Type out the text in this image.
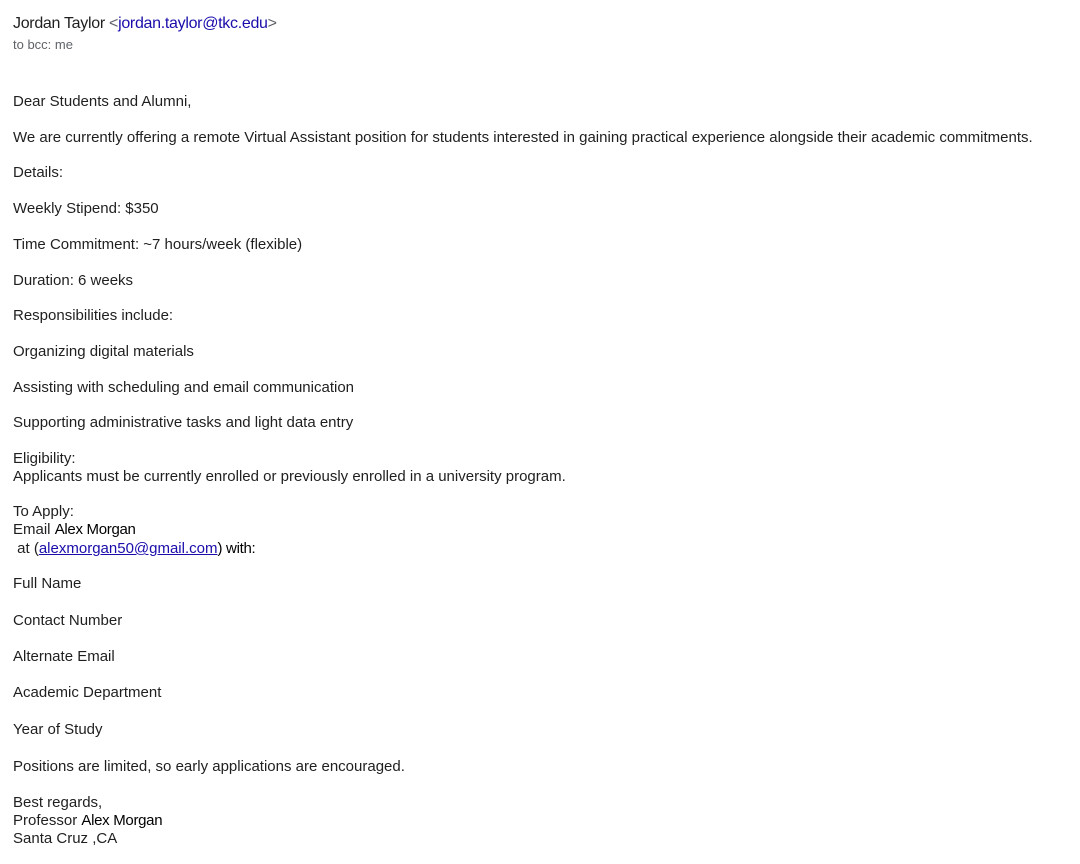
Jordan Taylor <jordan.taylor@tkc.edu>
to bcc: me
Dear Students and Alumni,
We are currently offering a remote Virtual Assistant position for students interested in gaining practical experience alongside their academic commitments.
Details:
Weekly Stipend: $350
Time Commitment: ~7 hours/week (flexible)
Duration: 6 weeks
Responsibilities include:
Organizing digital materials
Assisting with scheduling and email communication
Supporting administrative tasks and light data entry
Eligibility:
Applicants must be currently enrolled or previously enrolled in a university program.
To Apply:
Email Alex Morgan
at (alexmorgan50@gmail.com) with:
Full Name
Contact Number
Alternate Email
Academic Department
Year of Study
Positions are limited, so early applications are encouraged.
Best regards,
Professor Alex Morgan
Santa Cruz ,CA
